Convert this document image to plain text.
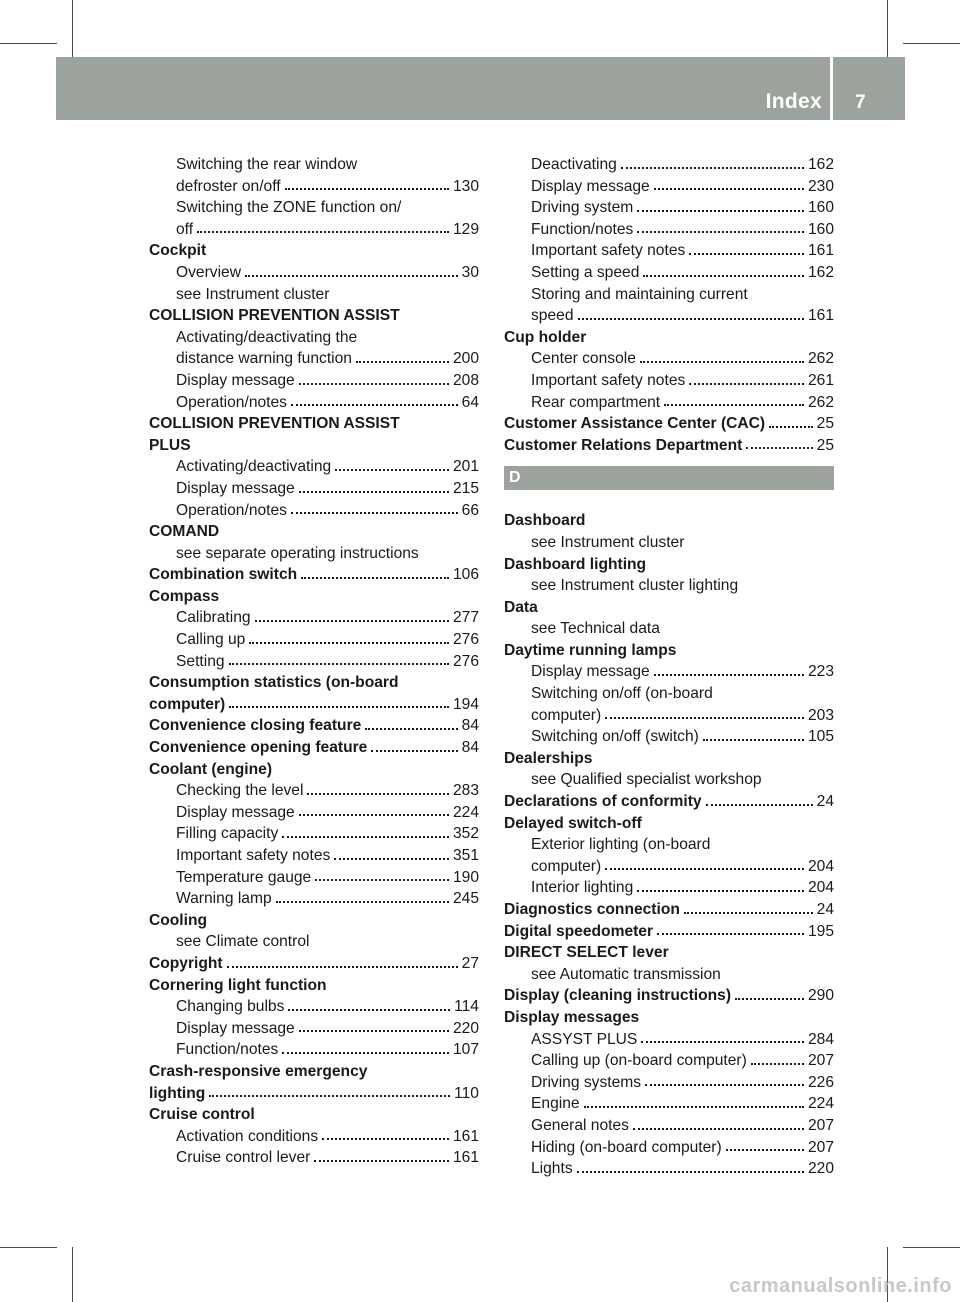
Index 7
Switching the rear window
defroster on/off	130
Switching the ZONE function on/
off	129
Cockpit
Overview	30
see Instrument cluster
COLLISION PREVENTION ASSIST
Activating/deactivating the
distance warning function	200
Display message	208
Operation/notes	64
COLLISION PREVENTION ASSIST
PLUS
Activating/deactivating	201
Display message	215
Operation/notes	66
COMAND
see separate operating instructions
Combination switch	106
Compass
Calibrating	277
Calling up	276
Setting	276
Consumption statistics (on-board
computer)	194
Convenience closing feature	84
Convenience opening feature	84
Coolant (engine)
Checking the level	283
Display message	224
Filling capacity	352
Important safety notes	351
Temperature gauge	190
Warning lamp	245
Cooling
see Climate control
Copyright	27
Cornering light function
Changing bulbs	114
Display message	220
Function/notes	107
Crash-responsive emergency
lighting	110
Cruise control
Activation conditions	161
Cruise control lever	161
Deactivating	162
Display message	230
Driving system	160
Function/notes	160
Important safety notes	161
Setting a speed	162
Storing and maintaining current
speed	161
Cup holder
Center console	262
Important safety notes	261
Rear compartment	262
Customer Assistance Center (CAC)	25
Customer Relations Department	25
D
Dashboard
see Instrument cluster
Dashboard lighting
see Instrument cluster lighting
Data
see Technical data
Daytime running lamps
Display message	223
Switching on/off (on-board
computer)	203
Switching on/off (switch)	105
Dealerships
see Qualified specialist workshop
Declarations of conformity	24
Delayed switch-off
Exterior lighting (on-board
computer)	204
Interior lighting	204
Diagnostics connection	24
Digital speedometer	195
DIRECT SELECT lever
see Automatic transmission
Display (cleaning instructions)	290
Display messages
ASSYST PLUS	284
Calling up (on-board computer)	207
Driving systems	226
Engine	224
General notes	207
Hiding (on-board computer)	207
Lights	220
carmanualsonline.info
